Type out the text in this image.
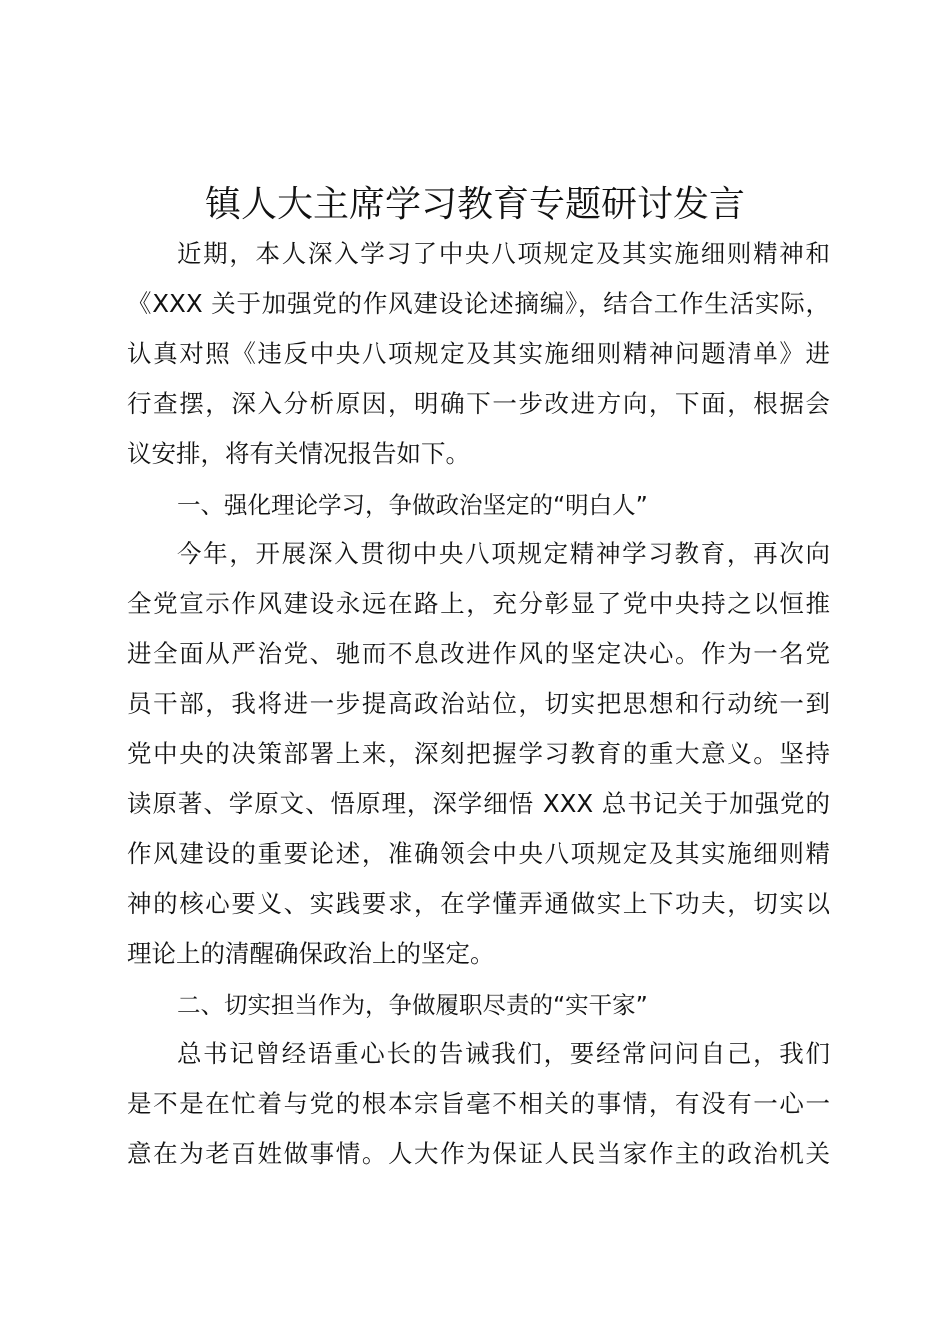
镇人大主席学习教育专题研讨发言

近期，本人深入学习了中央八项规定及其实施细则精神和

《XXX 关于加强党的作风建设论述摘编》，结合工作生活实际，

认真对照《违反中央八项规定及其实施细则精神问题清单》进

行查摆，深入分析原因，明确下一步改进方向，下面，根据会

议安排，将有关情况报告如下。

一、强化理论学习，争做政治坚定的“明白人”

今年，开展深入贯彻中央八项规定精神学习教育，再次向

全党宣示作风建设永远在路上，充分彰显了党中央持之以恒推

进全面从严治党、驰而不息改进作风的坚定决心。作为一名党

员干部，我将进一步提高政治站位，切实把思想和行动统一到

党中央的决策部署上来，深刻把握学习教育的重大意义。坚持

读原著、学原文、悟原理，深学细悟 XXX 总书记关于加强党的

作风建设的重要论述，准确领会中央八项规定及其实施细则精

神的核心要义、实践要求，在学懂弄通做实上下功夫，切实以

理论上的清醒确保政治上的坚定。

二、切实担当作为，争做履职尽责的“实干家”

总书记曾经语重心长的告诫我们，要经常问问自己，我们

是不是在忙着与党的根本宗旨毫不相关的事情，有没有一心一

意在为老百姓做事情。人大作为保证人民当家作主的政治机关
